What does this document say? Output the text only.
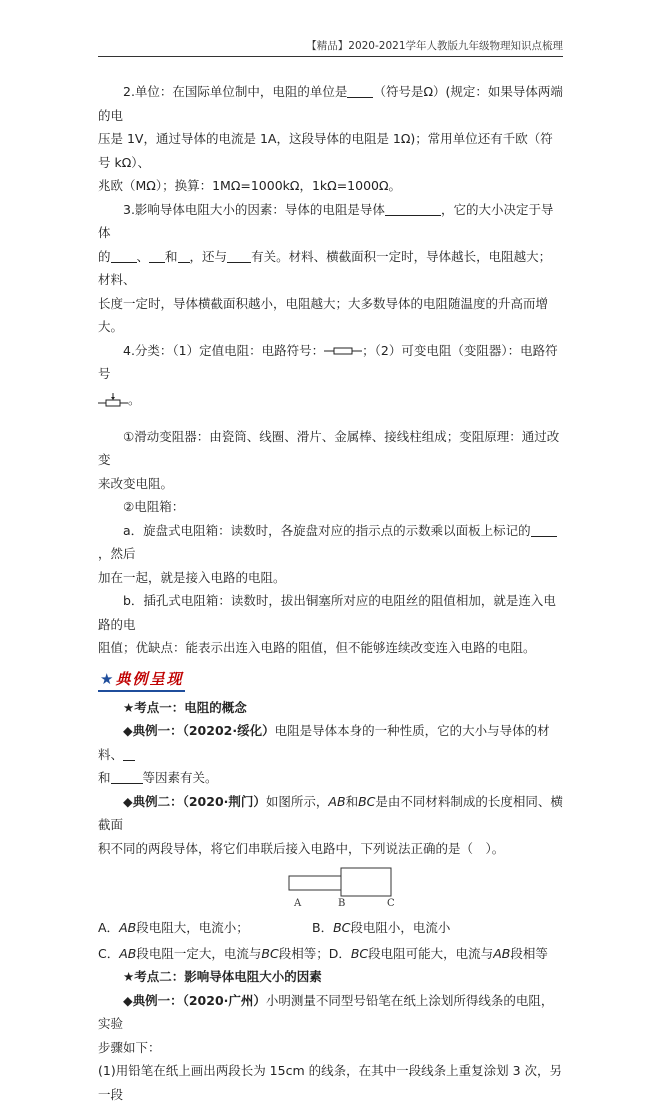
【精品】2020-2021学年人教版九年级物理知识点梳理

2.单位：在国际单位制中，电阻的单位是 （符号是Ω）(规定：如果导体两端的电

压是 1V，通过导体的电流是 1A，这段导体的电阻是 1Ω)；常用单位还有千欧（符号 kΩ）、

兆欧（MΩ）；换算：1MΩ=1000kΩ，1kΩ=1000Ω。

3.影响导体电阻大小的因素：导体的电阻是导体	，它的大小决定于导体

的 、 和 ，还与 有关。材料、横截面积一定时，导体越长，电阻越大；材料、

长度一定时，导体横截面积越小，电阻越大；大多数导体的电阻随温度的升高而增大。

4.分类：（1）定值电阻：电路符号：	；（2）可变电阻（变阻器）：电路符号

。

①滑动变阻器：由瓷筒、线圈、滑片、金属棒、接线柱组成；变阻原理：通过改变

来改变电阻。

②电阻箱：

a．旋盘式电阻箱：读数时，各旋盘对应的指示点的示数乘以面板上标记的，然后

加在一起，就是接入电路的电阻。

b．插孔式电阻箱：读数时，拔出铜塞所对应的电阻丝的阻值相加，就是连入电路的电

阻值；优缺点：能表示出连入电路的阻值，但不能够连续改变连入电路的电阻。

★典例呈现

★考点一：电阻的概念

◆典例一：（20202·绥化）电阻是导体本身的一种性质，它的大小与导体的材料、

和	等因素有关。

◆典例二：（2020·荆门）如图所示，AB和BC是由不同材料制成的长度相同、横截面

积不同的两段导体，将它们串联后接入电路中，下列说法正确的是（　）。

A	B	C

A．AB段电阻大，电流小；	B．BC段电阻小，电流小

C．AB段电阻一定大，电流与BC段相等； D．BC段电阻可能大，电流与AB段相等

★考点二：影响导体电阻大小的因素

◆典例一：（2020·广州）小明测量不同型号铅笔在纸上涂划所得线条的电阻，实验

步骤如下：

(1)用铅笔在纸上画出两段长为 15cm 的线条，在其中一段线条上重复涂划 3 次，另一段
